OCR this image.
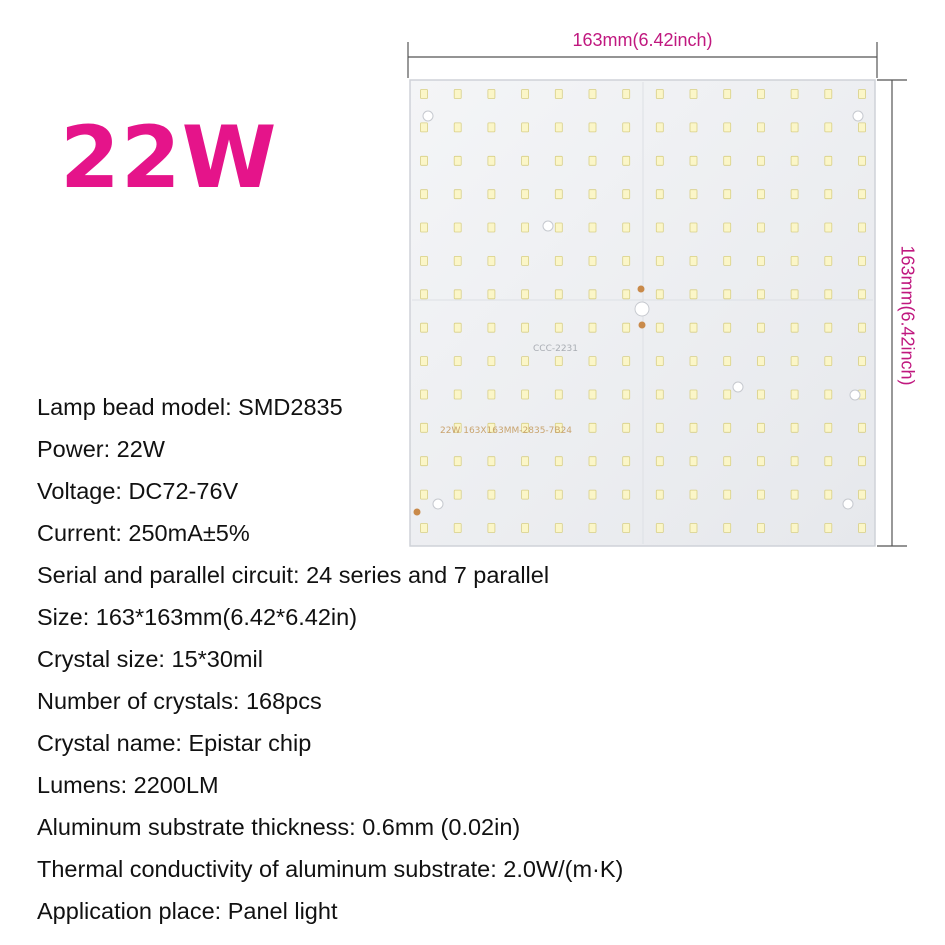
22W
CCC-2231
22W 163X163MM-2835-7B24
163mm(6.42inch)
163mm(6.42inch)
Lamp bead model: SMD2835
Power: 22W
Voltage: DC72-76V
Current: 250mA±5%
Serial and parallel circuit: 24 series and 7 parallel
Size: 163*163mm(6.42*6.42in)
Crystal size: 15*30mil
Number of crystals: 168pcs
Crystal name: Epistar chip
Lumens: 2200LM
Aluminum substrate thickness: 0.6mm (0.02in)
Thermal conductivity of aluminum substrate: 2.0W/(m·K)
Application place: Panel light
